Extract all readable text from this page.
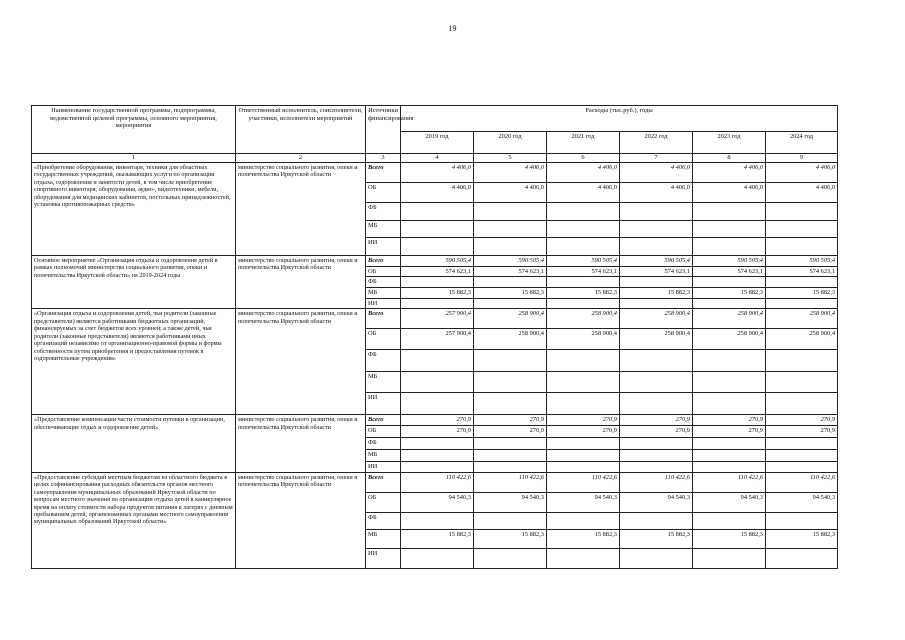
19
Наименование государственной программы, подпрограммы, ведомственной целевой программы, основного мероприятия, мероприятия	Ответственный исполнитель, соисполнители, участники, исполнители мероприятий	Источники финансирования	Расходы (тыс.руб.), годы					
			2019 год	2020 год	2021 год	2022 год	2023 год	2024 год
1	2	3	4	5	6	7	8	9
«Приобретение оборудования, инвентаря, техники для областных государственных учреждений, оказывающих услуги по организации отдыха, оздоровления и занятости детей, в том числе приобретение спортивного инвентаря, оборудования, аудио-, видеотехники, мебели, оборудования для медицинских кабинетов, постельных принадлежностей, установка противопожарных средств»	министерство социального развития, опеки и попечительства Иркутской области	Всего	4 406,0	4 406,0	4 406,0	4 406,0	4 406,0	4 406,0
		ОБ	4 406,0	4 406,0	4 406,0	4 406,0	4 406,0	4 406,0
		ФБ						
		МБ						
		ИИ						
Основное мероприятие «Организация отдыха и оздоровления детей в рамках полномочий министерства социального развития, опеки и попечительства Иркутской области» на 2019-2024 годы	министерство социального развития, опеки и попечительства Иркутской области	Всего	590 505,4	590 505,4	590 505,4	590 505,4	590 505,4	590 505,4
		ОБ	574 623,1	574 623,1	574 623,1	574 623,1	574 623,1	574 623,1
		ФБ						
		МБ	15 882,3	15 882,3	15 882,3	15 882,3	15 882,3	15 882,3
		ИИ						
«Организация отдыха и оздоровления детей, чьи родители (законные представители) являются работниками бюджетных организаций, финансируемых за счет бюджетов всех уровней; а также детей, чьи родители (законные представители) являются работниками иных организаций независимо от организационно-правовой формы и формы собственности путем приобретения и предоставления путевок в оздоровительные учреждения»	министерство социального развития, опеки и попечительства Иркутской области	Всего	257 900,4	258 900,4	258 900,4	258 900,4	258 900,4	258 900,4
		ОБ	257 900,4	258 900,4	258 900,4	258 900,4	258 900,4	258 900,4
		ФБ						
		МБ						
		ИИ						
«Предоставление компенсации части стоимости путевки в организации, обеспечивающие отдых и оздоровление детей»	министерство социального развития, опеки и попечительства Иркутской области	Всего	270,9	270,9	270,9	270,9	270,9	270,9
		ОБ	270,9	270,9	270,9	270,9	270,9	270,9
		ФБ						
		МБ						
		ИИ						
«Предоставление субсидий местным бюджетам из областного бюджета в целях софинансирования расходных обязательств органов местного самоуправления муниципальных образований Иркутской области по вопросам местного значения по организации отдыха детей в каникулярное время на оплату стоимости набора продуктов питания в лагерях с дневным пребыванием детей, организованных органами местного самоуправления муниципальных образований Иркутской области»	министерство социального развития, опеки и попечительства Иркутской области	Всего	110 422,6	110 422,6	110 422,6	110 422,6	110 422,6	110 422,6
		ОБ	94 540,3	94 540,3	94 540,3	94 540,3	94 540,3	94 540,3
		ФБ						
		МБ	15 882,3	15 882,3	15 882,3	15 882,3	15 882,3	15 882,3
		ИИ						
